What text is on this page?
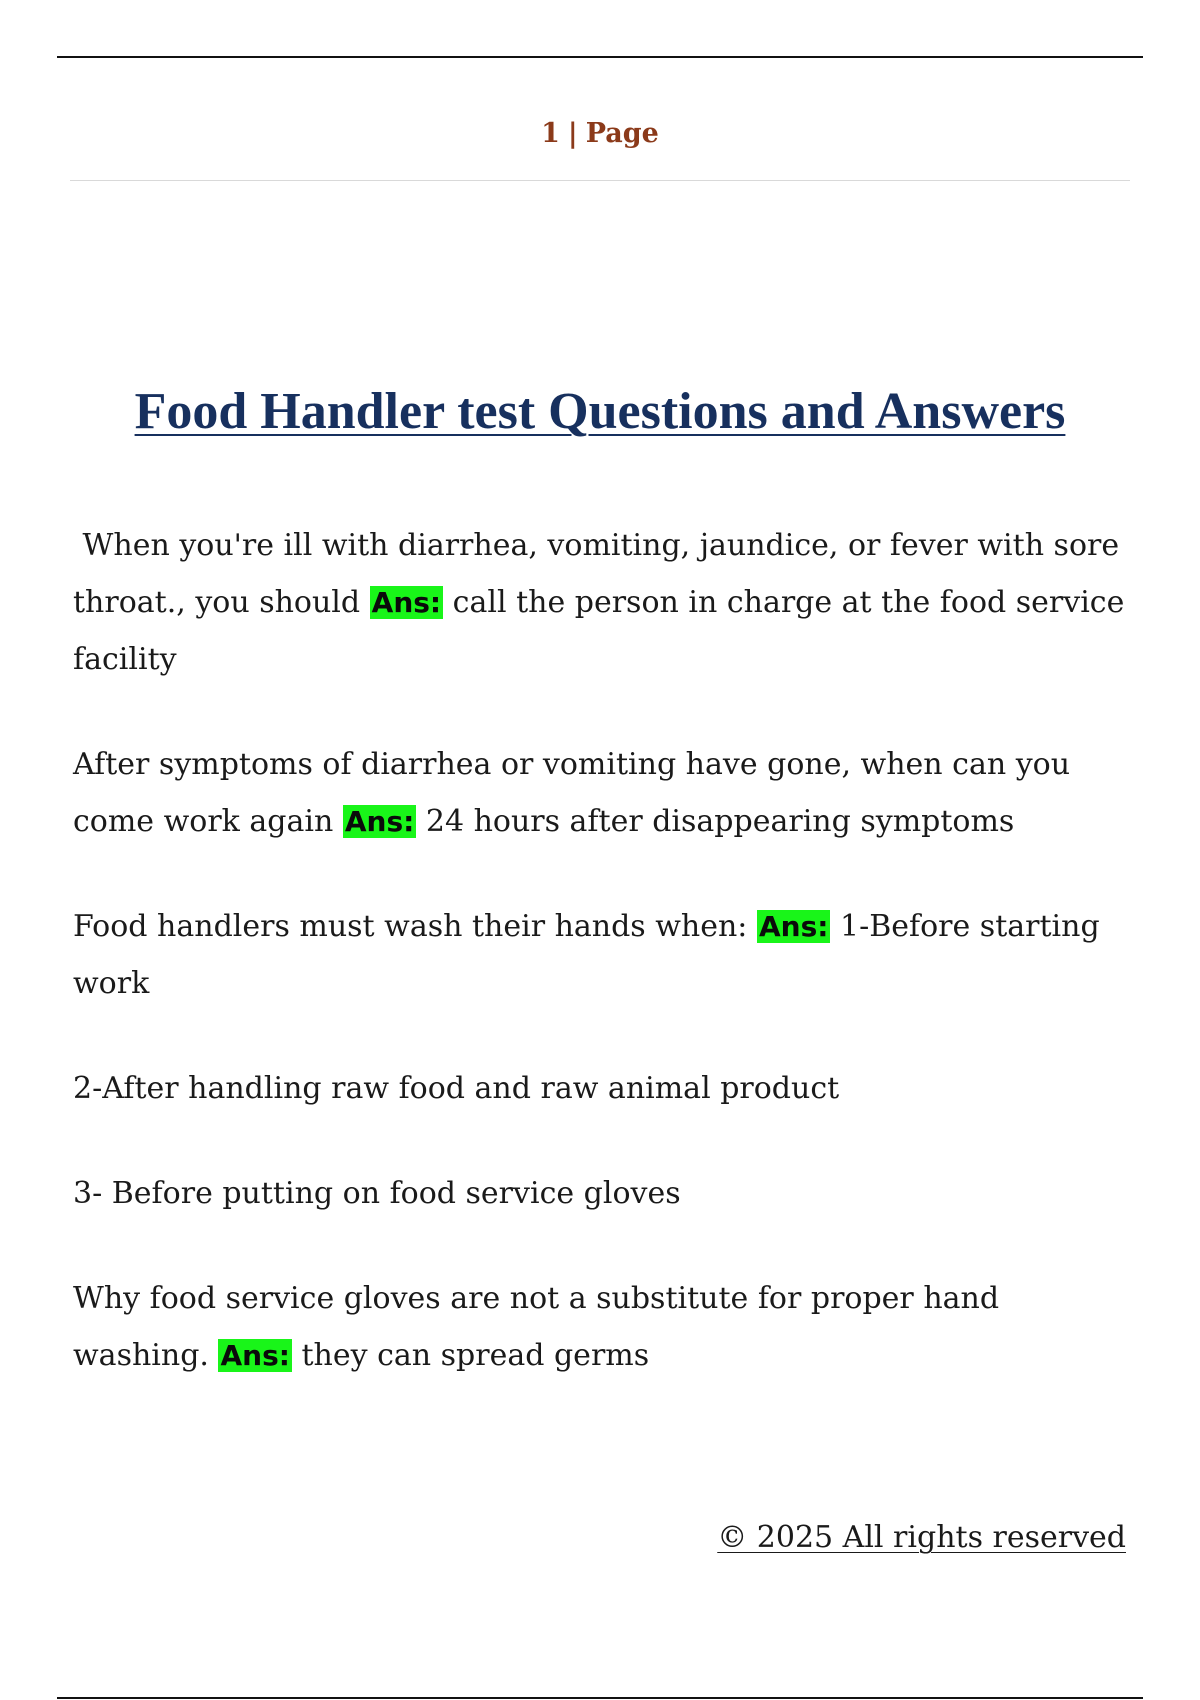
1 | Page
Food Handler test Questions and Answers

When you're ill with diarrhea, vomiting, jaundice, or fever with sore throat., you should Ans: call the person in charge at the food service facility

After symptoms of diarrhea or vomiting have gone, when can you come work again Ans: 24 hours after disappearing symptoms

Food handlers must wash their hands when: Ans: 1-Before starting work

2-After handling raw food and raw animal product

3- Before putting on food service gloves

Why food service gloves are not a substitute for proper hand washing. Ans: they can spread germs

© 2025 All rights reserved
